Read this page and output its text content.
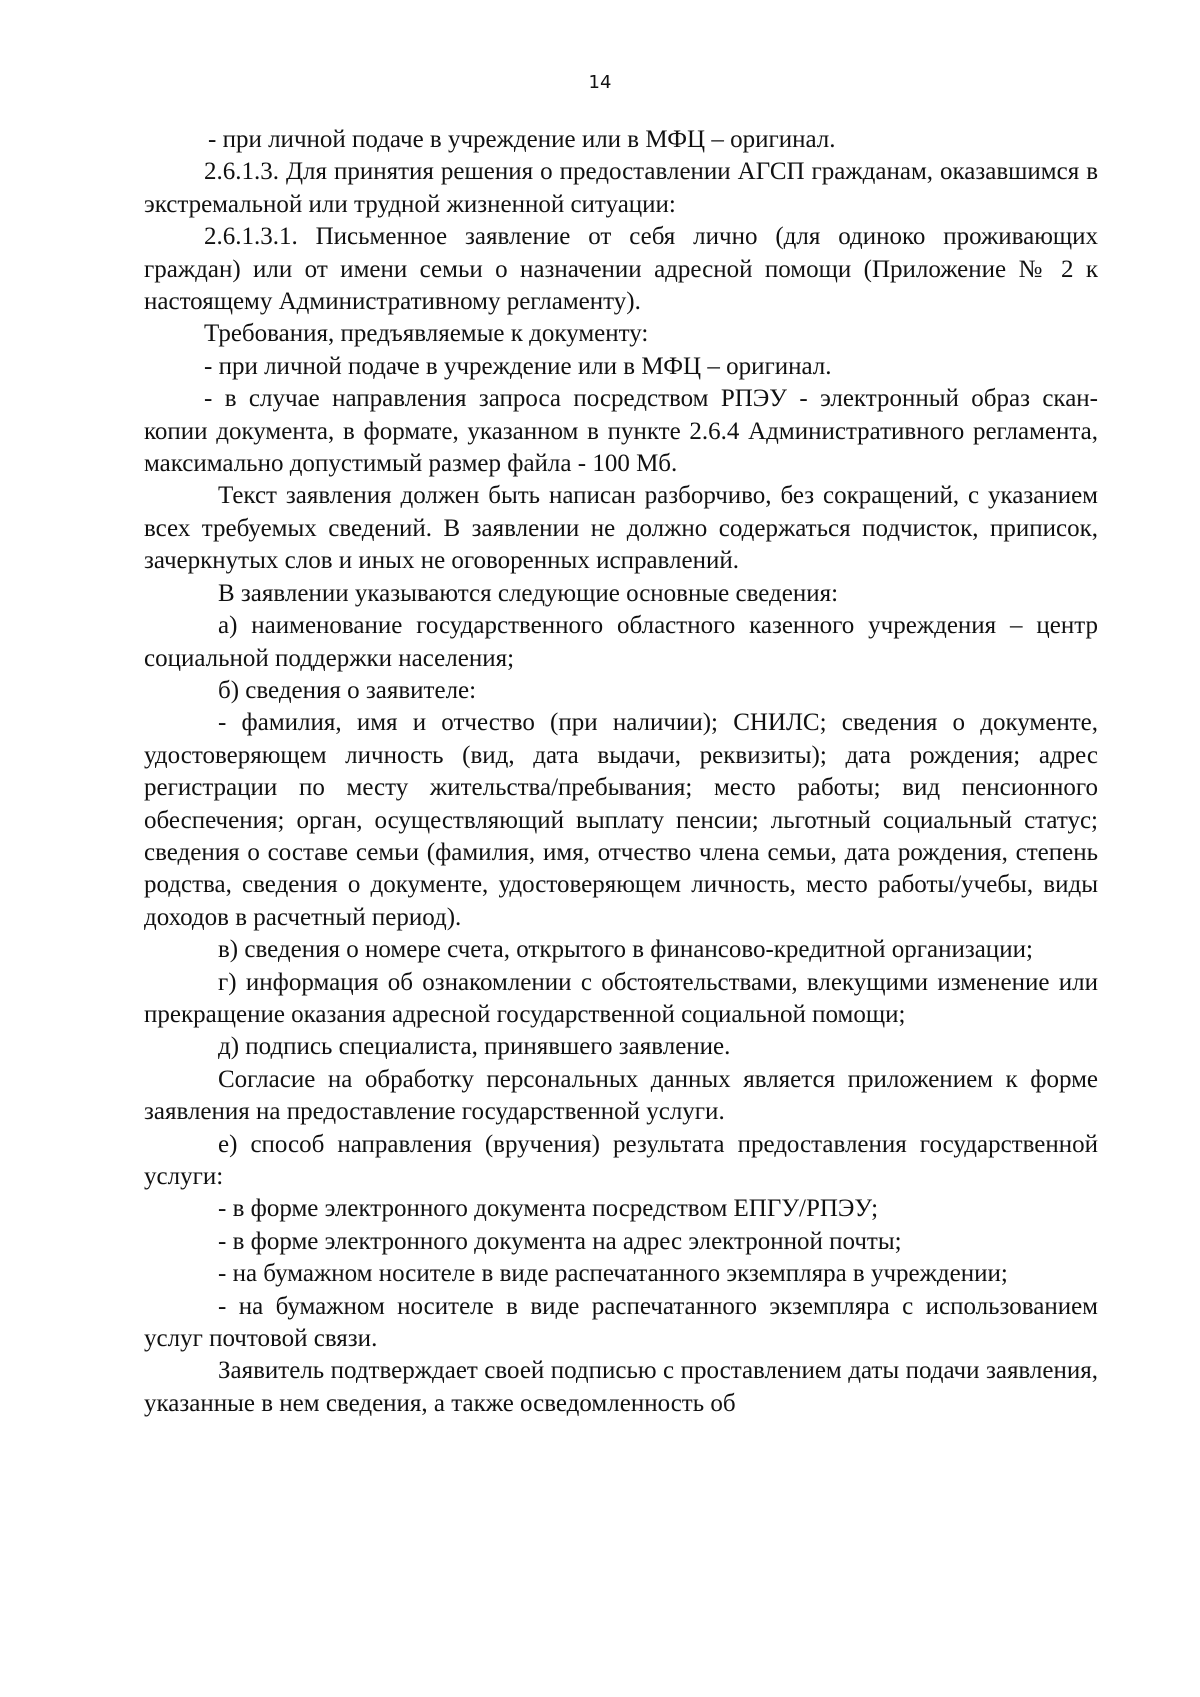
14

- при личной подаче в учреждение или в МФЦ – оригинал.

2.6.1.3. Для принятия решения о предоставлении АГСП гражданам, оказавшимся в экстремальной или трудной жизненной ситуации:

2.6.1.3.1. Письменное заявление от себя лично (для одиноко проживающих граждан) или от имени семьи о назначении адресной помощи (Приложение № 2 к настоящему Административному регламенту).

Требования, предъявляемые к документу:

- при личной подаче в учреждение или в МФЦ – оригинал.

- в случае направления запроса посредством РПЭУ - электронный образ скан-копии документа, в формате, указанном в пункте 2.6.4 Административного регламента, максимально допустимый размер файла - 100 Мб.

Текст заявления должен быть написан разборчиво, без сокращений, с указанием всех требуемых сведений. В заявлении не должно содержаться подчисток, приписок, зачеркнутых слов и иных не оговоренных исправлений.

В заявлении указываются следующие основные сведения:

а) наименование государственного областного казенного учреждения – центр социальной поддержки населения;

б) сведения о заявителе:

- фамилия, имя и отчество (при наличии); СНИЛС; сведения о документе, удостоверяющем личность (вид, дата выдачи, реквизиты); дата рождения; адрес регистрации по месту жительства/пребывания; место работы; вид пенсионного обеспечения; орган, осуществляющий выплату пенсии; льготный социальный статус; сведения о составе семьи (фамилия, имя, отчество члена семьи, дата рождения, степень родства, сведения о документе, удостоверяющем личность, место работы/учебы, виды доходов в расчетный период).

в) сведения о номере счета, открытого в финансово-кредитной организации;

г) информация об ознакомлении с обстоятельствами, влекущими изменение или прекращение оказания адресной государственной социальной помощи;

д) подпись специалиста, принявшего заявление.

Согласие на обработку персональных данных является приложением к форме заявления на предоставление государственной услуги.

е) способ направления (вручения) результата предоставления государственной услуги:

- в форме электронного документа посредством ЕПГУ/РПЭУ;

- в форме электронного документа на адрес электронной почты;

- на бумажном носителе в виде распечатанного экземпляра в учреждении;

- на бумажном носителе в виде распечатанного экземпляра с использованием услуг почтовой связи.

Заявитель подтверждает своей подписью с проставлением даты подачи заявления, указанные в нем сведения, а также осведомленность об
